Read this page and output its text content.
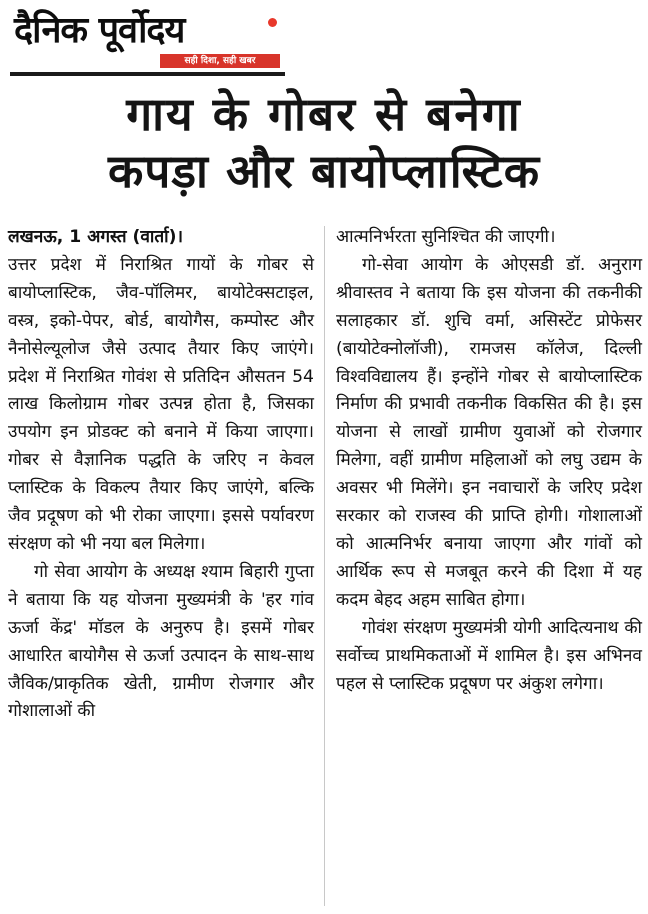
दैनिक पूर्वोदय
सही दिशा, सही खबर
गाय के गोबर से बनेगा
कपड़ा और बायोप्लास्टिक

लखनऊ, 1 अगस्त (वार्ता)।

उत्तर प्रदेश में निराश्रित गायों के गोबर से बायोप्लास्टिक, जैव-पॉलिमर, बायोटेक्सटाइल, वस्त्र, इको-पेपर, बोर्ड, बायोगैस, कम्पोस्ट और नैनोसेल्यूलोज जैसे उत्पाद तैयार किए जाएंगे। प्रदेश में निराश्रित गोवंश से प्रतिदिन औसतन 54 लाख किलोग्राम गोबर उत्पन्न होता है, जिसका उपयोग इन प्रोडक्ट को बनाने में किया जाएगा। गोबर से वैज्ञानिक पद्धति के जरिए न केवल प्लास्टिक के विकल्प तैयार किए जाएंगे, बल्कि जैव प्रदूषण को भी रोका जाएगा। इससे पर्यावरण संरक्षण को भी नया बल मिलेगा।

गो सेवा आयोग के अध्यक्ष श्याम बिहारी गुप्ता ने बताया कि यह योजना मुख्यमंत्री के 'हर गांव ऊर्जा केंद्र' मॉडल के अनुरुप है। इसमें गोबर आधारित बायोगैस से ऊर्जा उत्पादन के साथ-साथ जैविक/प्राकृतिक खेती, ग्रामीण रोजगार और गोशालाओं की

आत्मनिर्भरता सुनिश्चित की जाएगी।

गो-सेवा आयोग के ओएसडी डॉ. अनुराग श्रीवास्तव ने बताया कि इस योजना की तकनीकी सलाहकार डॉ. शुचि वर्मा, असिस्टेंट प्रोफेसर (बायोटेक्नोलॉजी), रामजस कॉलेज, दिल्ली विश्वविद्यालय हैं। इन्होंने गोबर से बायोप्लास्टिक निर्माण की प्रभावी तकनीक विकसित की है। इस योजना से लाखों ग्रामीण युवाओं को रोजगार मिलेगा, वहीं ग्रामीण महिलाओं को लघु उद्यम के अवसर भी मिलेंगे। इन नवाचारों के जरिए प्रदेश सरकार को राजस्व की प्राप्ति होगी। गोशालाओं को आत्मनिर्भर बनाया जाएगा और गांवों को आर्थिक रूप से मजबूत करने की दिशा में यह कदम बेहद अहम साबित होगा।

गोवंश संरक्षण मुख्यमंत्री योगी आदित्यनाथ की सर्वोच्च प्राथमिकताओं में शामिल है। इस अभिनव पहल से प्लास्टिक प्रदूषण पर अंकुश लगेगा।
